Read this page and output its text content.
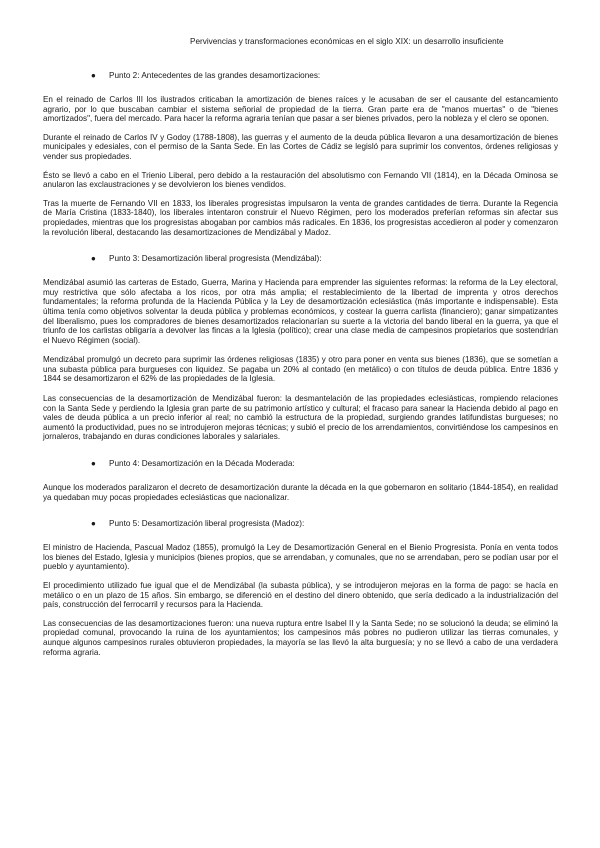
Pervivencias y transformaciones económicas en el siglo XIX: un desarrollo insuficiente
● Punto 2: Antecedentes de las grandes desamortizaciones:

En el reinado de Carlos III los ilustrados criticaban la amortización de bienes raíces y le acusaban de ser el causante del estancamiento agrario, por lo que buscaban cambiar el sistema señorial de propiedad de la tierra. Gran parte era de "manos muertas" o de "bienes amortizados", fuera del mercado. Para hacer la reforma agraria tenían que pasar a ser bienes privados, pero la nobleza y el clero se oponen.

Durante el reinado de Carlos IV y Godoy (1788-1808), las guerras y el aumento de la deuda pública llevaron a una desamortización de bienes municipales y edesiales, con el permiso de la Santa Sede. En las Cortes de Cádiz se legisló para suprimir los conventos, órdenes religiosas y vender sus propiedades.

Ésto se llevó a cabo en el Trienio Liberal, pero debido a la restauración del absolutismo con Fernando VII (1814), en la Década Ominosa se anularon las exclaustraciones y se devolvieron los bienes vendidos.

Tras la muerte de Fernando VII en 1833, los liberales progresistas impulsaron la venta de grandes cantidades de tierra. Durante la Regencia de María Cristina (1833-1840), los liberales intentaron construir el Nuevo Régimen, pero los moderados preferían reformas sin afectar sus propiedades, mientras que los progresistas abogaban por cambios más radicales. En 1836, los progresistas accedieron al poder y comenzaron la revolución liberal, destacando las desamortizaciones de Mendizábal y Madoz.

● Punto 3: Desamortización liberal progresista (Mendizábal):

Mendizábal asumió las carteras de Estado, Guerra, Marina y Hacienda para emprender las siguientes reformas: la reforma de la Ley electoral, muy restrictiva que sólo afectaba a los ricos, por otra más amplia; el restablecimiento de la libertad de imprenta y otros derechos fundamentales; la reforma profunda de la Hacienda Pública y la Ley de desamortización eclesiástica (más importante e indispensable). Esta última tenía como objetivos solventar la deuda pública y problemas económicos, y costear la guerra carlista (financiero); ganar simpatizantes del liberalismo, pues los compradores de bienes desamortizados relacionarían su suerte a la victoria del bando liberal en la guerra, ya que el triunfo de los carlistas obligaría a devolver las fincas a la Iglesia (político); crear una clase media de campesinos propietarios que sostendrían el Nuevo Régimen (social).

Mendizábal promulgó un decreto para suprimir las órdenes religiosas (1835) y otro para poner en venta sus bienes (1836), que se sometían a una subasta pública para burgueses con liquidez. Se pagaba un 20% al contado (en metálico) o con títulos de deuda pública. Entre 1836 y 1844 se desamortizaron el 62% de las propiedades de la Iglesia.

Las consecuencias de la desamortización de Mendizábal fueron: la desmantelación de las propiedades eclesiásticas, rompiendo relaciones con la Santa Sede y perdiendo la Iglesia gran parte de su patrimonio artístico y cultural; el fracaso para sanear la Hacienda debido al pago en vales de deuda pública a un precio inferior al real; no cambió la estructura de la propiedad, surgiendo grandes latifundistas burgueses; no aumentó la productividad, pues no se introdujeron mejoras técnicas; y subió el precio de los arrendamientos, convirtiéndose los campesinos en jornaleros, trabajando en duras condiciones laborales y salariales.

● Punto 4: Desamortización en la Década Moderada:

Aunque los moderados paralizaron el decreto de desamortización durante la década en la que gobernaron en solitario (1844-1854), en realidad ya quedaban muy pocas propiedades eclesiásticas que nacionalizar.

● Punto 5: Desamortización liberal progresista (Madoz):

El ministro de Hacienda, Pascual Madoz (1855), promulgó la Ley de Desamortización General en el Bienio Progresista. Ponía en venta todos los bienes del Estado, Iglesia y municipios (bienes propios, que se arrendaban, y comunales, que no se arrendaban, pero se podían usar por el pueblo y ayuntamiento).

El procedimiento utilizado fue igual que el de Mendizábal (la subasta pública), y se introdujeron mejoras en la forma de pago: se hacía en metálico o en un plazo de 15 años. Sin embargo, se diferenció en el destino del dinero obtenido, que sería dedicado a la industrialización del país, construcción del ferrocarril y recursos para la Hacienda.

Las consecuencias de las desamortizaciones fueron: una nueva ruptura entre Isabel II y la Santa Sede; no se solucionó la deuda; se eliminó la propiedad comunal, provocando la ruina de los ayuntamientos; los campesinos más pobres no pudieron utilizar las tierras comunales, y aunque algunos campesinos rurales obtuvieron propiedades, la mayoría se las llevó la alta burguesía; y no se llevó a cabo de una verdadera reforma agraria.
